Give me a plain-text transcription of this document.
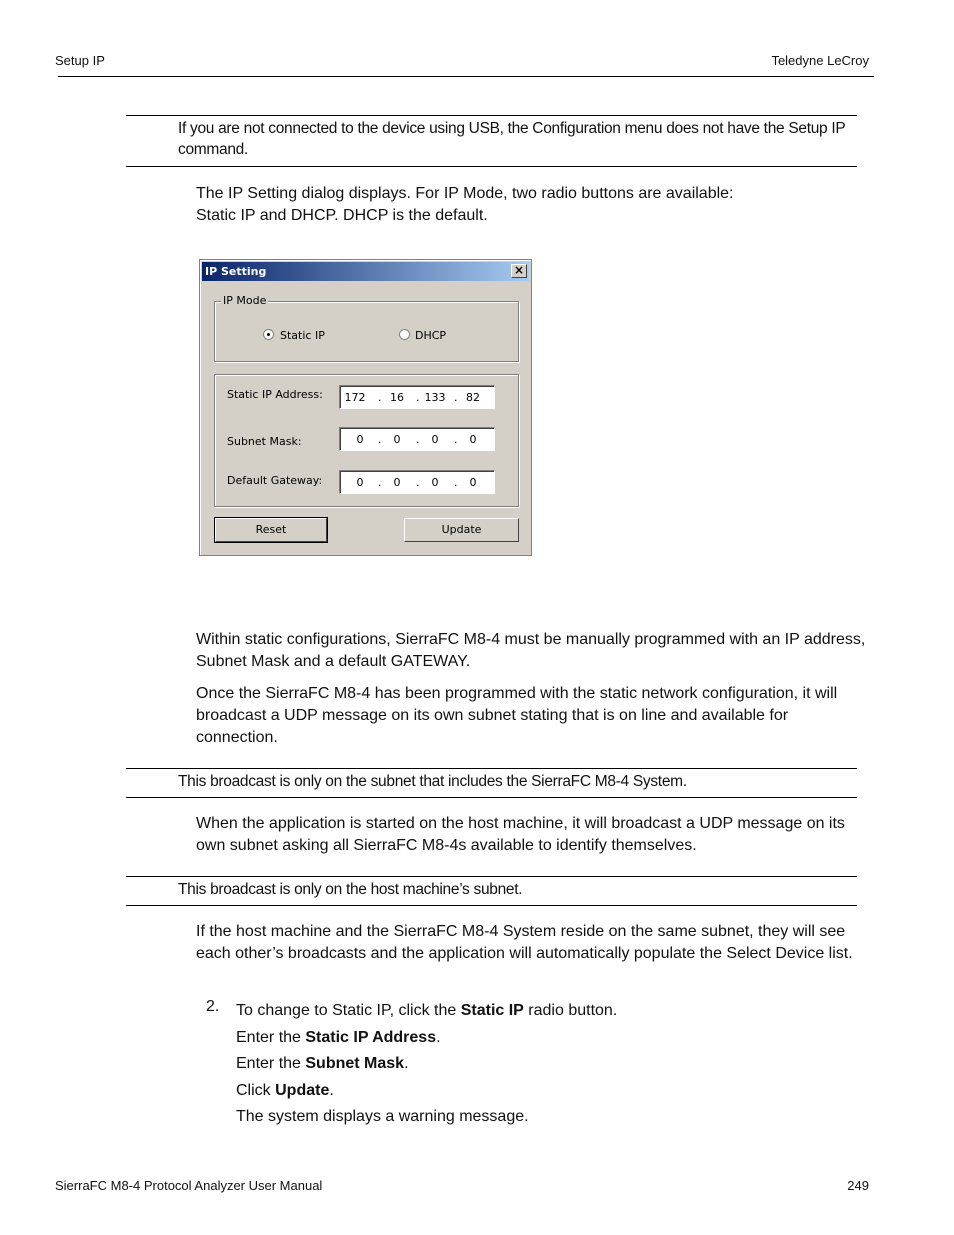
Setup IP	Teledyne LeCroy
If you are not connected to the device using USB, the Configuration menu does not have the Setup IP command.
The IP Setting dialog displays. For IP Mode, two radio buttons are available:
Static IP and DHCP. DHCP is the default.
IP Setting	×
IP Mode
Static IP	DHCP
Static IP Address: 172 . 16	. 133 . 82
Subnet Mask:	0	.	0	.	0	.	0
Default Gateway:	0	.	0	.	0	.	0
Reset	Update
Within static configurations, SierraFC M8-4 must be manually programmed with an IP address, Subnet Mask and a default GATEWAY.
Once the SierraFC M8-4 has been programmed with the static network configuration, it will broadcast a UDP message on its own subnet stating that is on line and available for connection.
This broadcast is only on the subnet that includes the SierraFC M8-4 System.
When the application is started on the host machine, it will broadcast a UDP message on its own subnet asking all SierraFC M8-4s available to identify themselves.
This broadcast is only on the host machine’s subnet.
If the host machine and the SierraFC M8-4 System reside on the same subnet, they will see each other’s broadcasts and the application will automatically populate the Select Device list.
2. To change to Static IP, click the Static IP radio button.
Enter the Static IP Address.
Enter the Subnet Mask.
Click Update.
The system displays a warning message.
SierraFC M8-4 Protocol Analyzer User Manual	249
